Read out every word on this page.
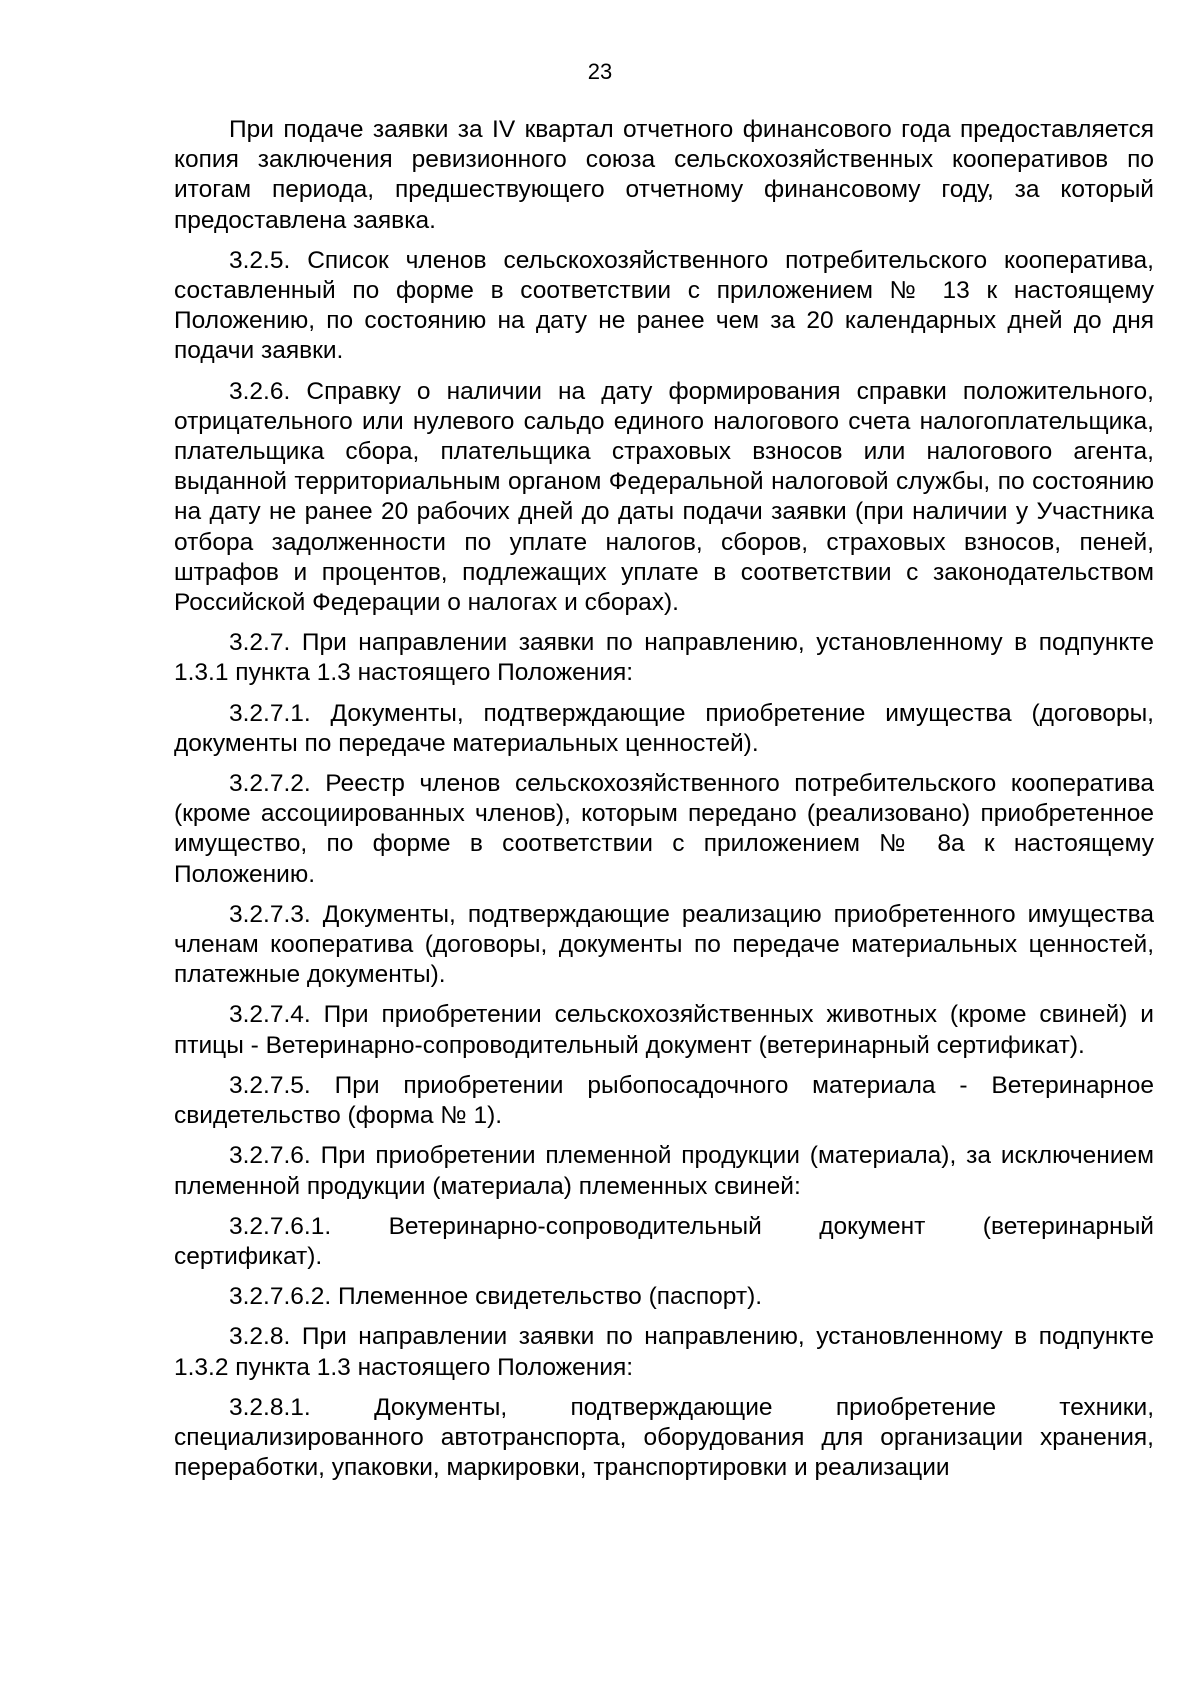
23

При подаче заявки за IV квартал отчетного финансового года предоставляется копия заключения ревизионного союза сельскохозяйственных кооперативов по итогам периода, предшествующего отчетному финансовому году, за который предоставлена заявка.

3.2.5. Список членов сельскохозяйственного потребительского кооператива, составленный по форме в соответствии с приложением № 13 к настоящему Положению, по состоянию на дату не ранее чем за 20 календарных дней до дня подачи заявки.

3.2.6. Справку о наличии на дату формирования справки положительного, отрицательного или нулевого сальдо единого налогового счета налогоплательщика, плательщика сбора, плательщика страховых взносов или налогового агента, выданной территориальным органом Федеральной налоговой службы, по состоянию на дату не ранее 20 рабочих дней до даты подачи заявки (при наличии у Участника отбора задолженности по уплате налогов, сборов, страховых взносов, пеней, штрафов и процентов, подлежащих уплате в соответствии с законодательством Российской Федерации о налогах и сборах).

3.2.7. При направлении заявки по направлению, установленному в подпункте 1.3.1 пункта 1.3 настоящего Положения:

3.2.7.1. Документы, подтверждающие приобретение имущества (договоры, документы по передаче материальных ценностей).

3.2.7.2. Реестр членов сельскохозяйственного потребительского кооператива (кроме ассоциированных членов), которым передано (реализовано) приобретенное имущество, по форме в соответствии с приложением № 8а к настоящему Положению.

3.2.7.3. Документы, подтверждающие реализацию приобретенного имущества членам кооператива (договоры, документы по передаче материальных ценностей, платежные документы).

3.2.7.4. При приобретении сельскохозяйственных животных (кроме свиней) и птицы - Ветеринарно-сопроводительный документ (ветеринарный сертификат).

3.2.7.5. При приобретении рыбопосадочного материала - Ветеринарное свидетельство (форма № 1).

3.2.7.6. При приобретении племенной продукции (материала), за исключением племенной продукции (материала) племенных свиней:

3.2.7.6.1. Ветеринарно-сопроводительный документ (ветеринарный сертификат).

3.2.7.6.2. Племенное свидетельство (паспорт).

3.2.8. При направлении заявки по направлению, установленному в подпункте 1.3.2 пункта 1.3 настоящего Положения:

3.2.8.1. Документы, подтверждающие приобретение техники, специализированного автотранспорта, оборудования для организации хранения, переработки, упаковки, маркировки, транспортировки и реализации
